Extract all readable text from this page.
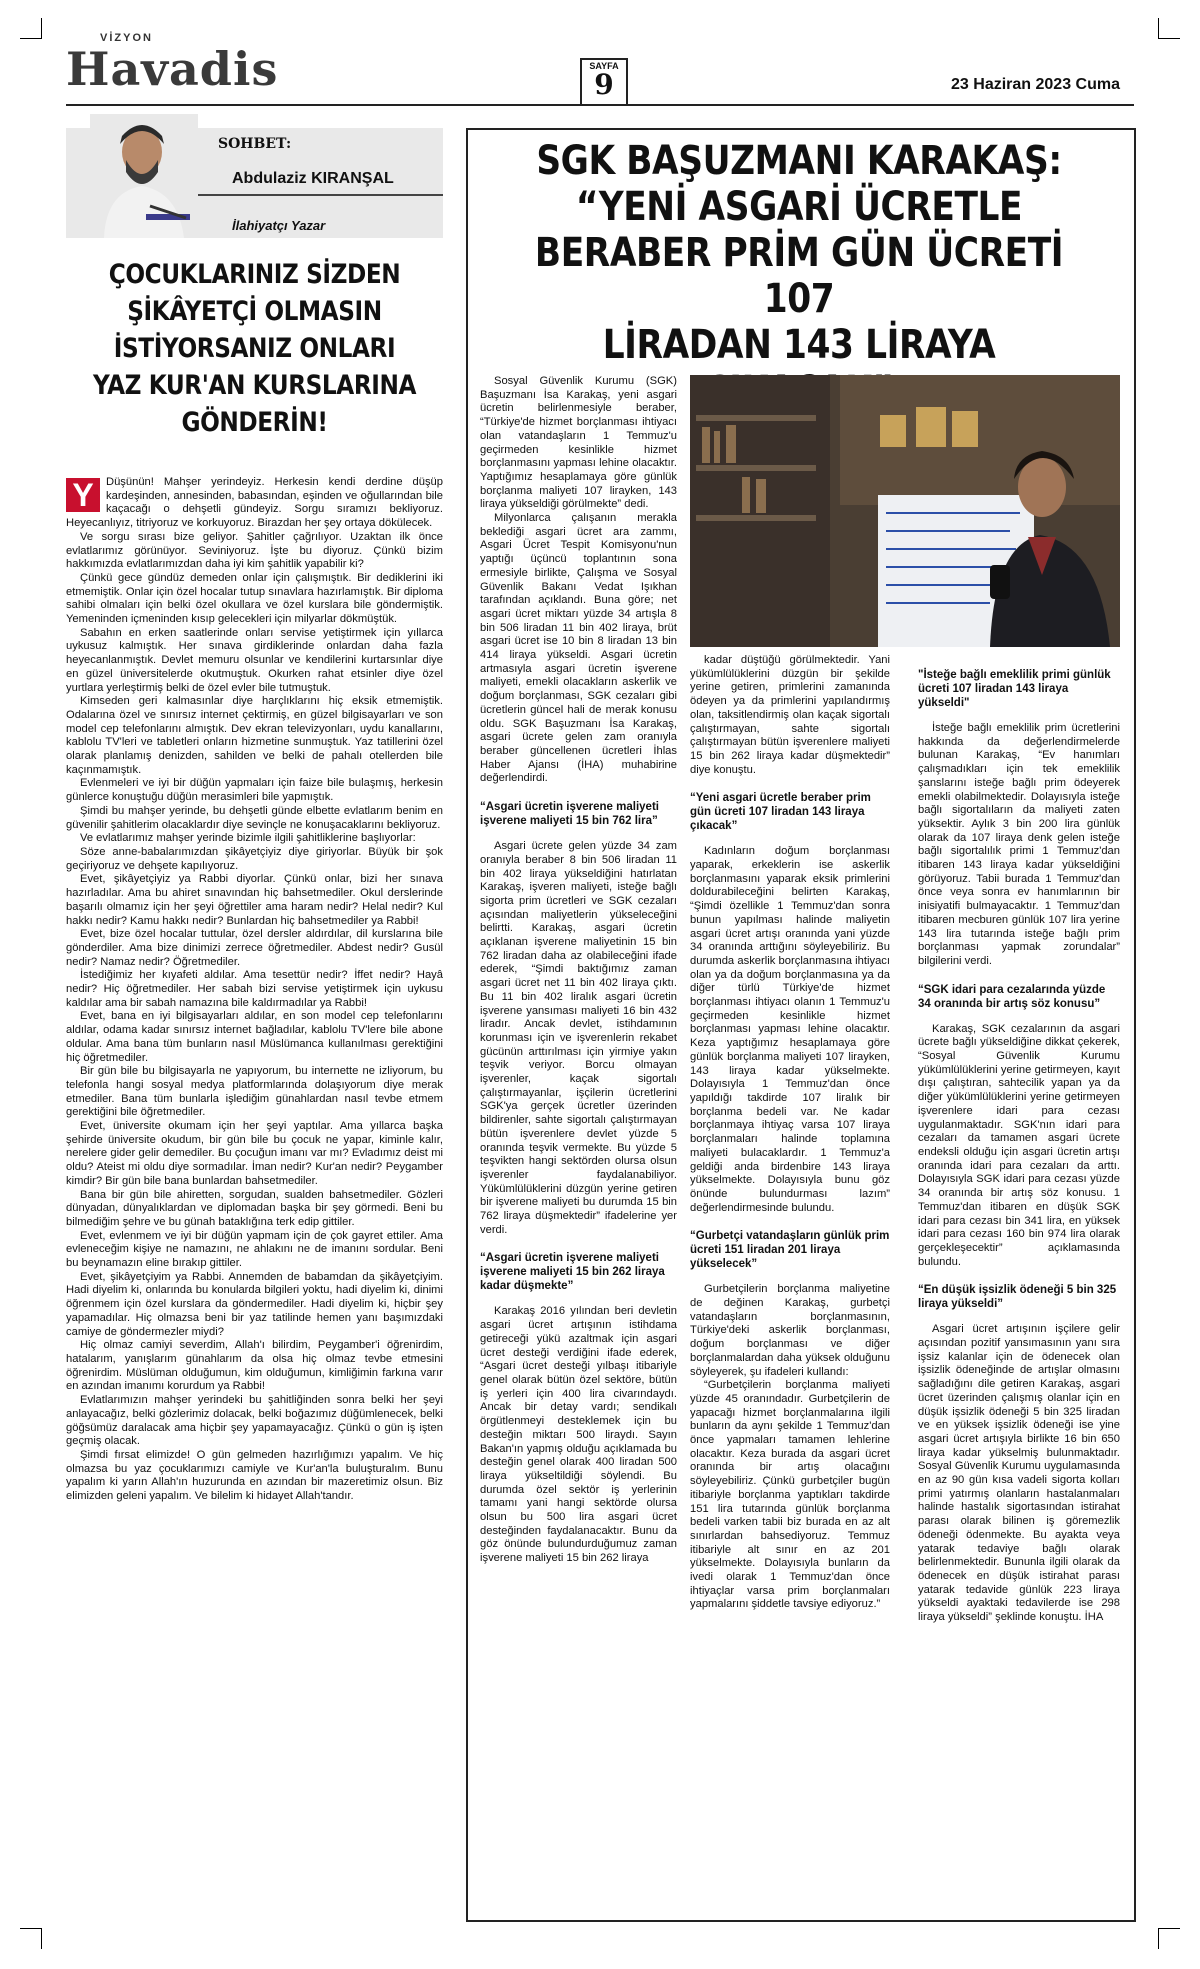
VİZYON
Havadis	SAYFA
9	23 Haziran 2023 Cuma
SOHBET:
Abdulaziz KIRANŞAL
İlahiyatçı Yazar
ÇOCUKLARINIZ SİZDEN ŞİKÂYETÇİ OLMASIN İSTİYORSANIZ ONLARI YAZ KUR'AN KURSLARINA GÖNDERİN!
Y	Düşünün! Mahşer yerindeyiz. Herkesin kendi derdine düşüp kardeşinden, annesinden, babasından, eşinden ve oğullarından bile kaçacağı o dehşetli gündeyiz. Sorgu sıramızı bekliyoruz. Heyecanlıyız, titriyoruz ve korkuyoruz. Birazdan her şey ortaya dökülecek.

Ve sorgu sırası bize geliyor. Şahitler çağrılıyor. Uzaktan ilk önce evlatlarımız görünüyor. Seviniyoruz. İşte bu diyoruz. Çünkü bizim hakkımızda evlatlarımızdan daha iyi kim şahitlik yapabilir ki?

Çünkü gece gündüz demeden onlar için çalışmıştık. Bir dediklerini iki etmemiştik. Onlar için özel hocalar tutup sınavlara hazırlamıştık. Bir diploma sahibi olmaları için belki özel okullara ve özel kurslara bile göndermiştik. Yemeninden içmeninden kısıp gelecekleri için milyarlar dökmüştük.

Sabahın en erken saatlerinde onları servise yetiştirmek için yıllarca uykusuz kalmıştık. Her sınava girdiklerinde onlardan daha fazla heyecanlanmıştık. Devlet memuru olsunlar ve kendilerini kurtarsınlar diye en güzel üniversitelerde okutmuştuk. Okurken rahat etsinler diye özel yurtlara yerleştirmiş belki de özel evler bile tutmuştuk.

Kimseden geri kalmasınlar diye harçlıklarını hiç eksik etmemiştik. Odalarına özel ve sınırsız internet çektirmiş, en güzel bilgisayarları ve son model cep telefonlarını almıştık. Dev ekran televizyonları, uydu kanallarını, kablolu TV'leri ve tabletleri onların hizmetine sunmuştuk. Yaz tatillerini özel olarak planlamış denizden, sahilden ve belki de pahalı otellerden bile kaçınmamıştık.

Evlenmeleri ve iyi bir düğün yapmaları için faize bile bulaşmış, herkesin günlerce konuştuğu düğün merasimleri bile yapmıştık.

Şimdi bu mahşer yerinde, bu dehşetli günde elbette evlatlarım benim en güvenilir şahitlerim olacaklardır diye sevinçle ne konuşacaklarını bekliyoruz.

Ve evlatlarımız mahşer yerinde bizimle ilgili şahitliklerine başlıyorlar:

Söze anne-babalarımızdan şikâyetçiyiz diye giriyorlar. Büyük bir şok geçiriyoruz ve dehşete kapılıyoruz.

Evet, şikâyetçiyiz ya Rabbi diyorlar. Çünkü onlar, bizi her sınava hazırladılar. Ama bu ahiret sınavından hiç bahsetmediler. Okul derslerinde başarılı olmamız için her şeyi öğrettiler ama haram nedir? Helal nedir? Kul hakkı nedir? Kamu hakkı nedir? Bunlardan hiç bahsetmediler ya Rabbi!

Evet, bize özel hocalar tuttular, özel dersler aldırdılar, dil kurslarına bile gönderdiler. Ama bize dinimizi zerrece öğretmediler. Abdest nedir? Gusül nedir? Namaz nedir? Öğretmediler.

İstediğimiz her kıyafeti aldılar. Ama tesettür nedir? İffet nedir? Hayâ nedir? Hiç öğretmediler. Her sabah bizi servise yetiştirmek için uykusu kaldılar ama bir sabah namazına bile kaldırmadılar ya Rabbi!

Evet, bana en iyi bilgisayarları aldılar, en son model cep telefonlarını aldılar, odama kadar sınırsız internet bağladılar, kablolu TV'lere bile abone oldular. Ama bana tüm bunların nasıl Müslümanca kullanılması gerektiğini hiç öğretmediler.

Bir gün bile bu bilgisayarla ne yapıyorum, bu internette ne izliyorum, bu telefonla hangi sosyal medya platformlarında dolaşıyorum diye merak etmediler. Bana tüm bunlarla işlediğim günahlardan nasıl tevbe etmem gerektiğini bile öğretmediler.

Evet, üniversite okumam için her şeyi yaptılar. Ama yıllarca başka şehirde üniversite okudum, bir gün bile bu çocuk ne yapar, kiminle kalır, nerelere gider gelir demediler. Bu çocuğun imanı var mı? Evladımız deist mi oldu? Ateist mi oldu diye sormadılar. İman nedir? Kur'an nedir? Peygamber kimdir? Bir gün bile bana bunlardan bahsetmediler.

Bana bir gün bile ahiretten, sorgudan, sualden bahsetmediler. Gözleri dünyadan, dünyalıklardan ve diplomadan başka bir şey görmedi. Beni bu bilmediğim şehre ve bu günah bataklığına terk edip gittiler.

Evet, evlenmem ve iyi bir düğün yapmam için de çok gayret ettiler. Ama evleneceğim kişiye ne namazını, ne ahlakını ne de imanını sordular. Beni bu beynamazın eline bırakıp gittiler.

Evet, şikâyetçiyim ya Rabbi. Annemden de babamdan da şikâyetçiyim. Hadi diyelim ki, onlarında bu konularda bilgileri yoktu, hadi diyelim ki, dinimi öğrenmem için özel kurslara da göndermediler. Hadi diyelim ki, hiçbir şey yapamadılar. Hiç olmazsa beni bir yaz tatilinde hemen yanı başımızdaki camiye de göndermezler miydi?

Hiç olmaz camiyi severdim, Allah'ı bilirdim, Peygamber'i öğrenirdim, hatalarım, yanışlarım günahlarım da olsa hiç olmaz tevbe etmesini öğrenirdim. Müslüman olduğumun, kim olduğumun, kimliğimin farkına varır en azından imanımı korurdum ya Rabbi!

Evlatlarımızın mahşer yerindeki bu şahitliğinden sonra belki her şeyi anlayacağız, belki gözlerimiz dolacak, belki boğazımız düğümlenecek, belki göğsümüz daralacak ama hiçbir şey yapamayacağız. Çünkü o gün iş işten geçmiş olacak.

Şimdi fırsat elimizde! O gün gelmeden hazırlığımızı yapalım. Ve hiç olmazsa bu yaz çocuklarımızı camiyle ve Kur'an'la buluşturalım. Bunu yapalım ki yarın Allah'ın huzurunda en azından bir mazeretimiz olsun. Biz elimizden geleni yapalım. Ve bilelim ki hidayet Allah'tandır.

SGK BAŞUZMANI KARAKAŞ:
“YENİ ASGARİ ÜCRETLE
BERABER PRİM GÜN ÜCRETİ 107
LİRADAN 143 LİRAYA

Sosyal Güvenlik Kurumu (SGK) Başuzmanı İsa Karakaş, yeni asgari ücretin belirlenmesiyle beraber, “Türkiye'de hizmet borçlanması ihtiyacı olan vatandaşların 1 Temmuz'u geçirmeden kesinlikle hizmet borçlanmasını yapması lehine olacaktır. Yaptığımız hesaplamaya göre günlük borçlanma maliyeti 107 lirayken, 143 liraya yükseldiği görülmekte” dedi.

Milyonlarca çalışanın merakla beklediği asgari ücret ara zammı, Asgari Ücret Tespit Komisyonu'nun yaptığı üçüncü toplantının sona ermesiyle birlikte, Çalışma ve Sosyal Güvenlik Bakanı Vedat Işıkhan tarafından açıklandı. Buna göre; net asgari ücret miktarı yüzde 34 artışla 8 bin 506 liradan 11 bin 402 liraya, brüt asgari ücret ise 10 bin 8 liradan 13 bin 414 liraya yükseldi. Asgari ücretin artmasıyla asgari ücretin işverene maliyeti, emekli olacakların askerlik ve doğum borçlanması, SGK cezaları gibi ücretlerin güncel hali de merak konusu oldu. SGK Başuzmanı İsa Karakaş, asgari ücrete gelen zam oranıyla beraber güncellenen ücretleri İhlas Haber Ajansı (İHA) muhabirine değerlendirdi.

“Asgari ücretin işverene maliyeti işverene maliyeti 15 bin 762 lira”

Asgari ücrete gelen yüzde 34 zam oranıyla beraber 8 bin 506 liradan 11 bin 402 liraya yükseldiğini hatırlatan Karakaş, işveren maliyeti, isteğe bağlı sigorta prim ücretleri ve SGK cezaları açısından maliyetlerin yükseleceğini belirtti. Karakaş, asgari ücretin açıklanan işverene maliyetinin 15 bin 762 liradan daha az olabileceğini ifade ederek, “Şimdi baktığımız zaman asgari ücret net 11 bin 402 liraya çıktı. Bu 11 bin 402 liralık asgari ücretin işverene yansıması maliyeti 16 bin 432 liradır. Ancak devlet, istihdamının korunması için ve işverenlerin rekabet gücünün arttırılması için yirmiye yakın teşvik veriyor. Borcu olmayan işverenler, kaçak sigortalı çalıştırmayanlar, işçilerin ücretlerini SGK'ya gerçek ücretler üzerinden bildirenler, sahte sigortalı çalıştırmayan bütün işverenlere devlet yüzde 5 oranında teşvik vermekte. Bu yüzde 5 teşvikten hangi sektörden olursa olsun işverenler faydalanabiliyor. Yükümlülüklerini düzgün yerine getiren bir işverene maliyeti bu durumda 15 bin 762 liraya düşmektedir” ifadelerine yer verdi.

“Asgari ücretin işverene maliyeti işverene maliyeti 15 bin 262 liraya kadar düşmekte”

Karakaş 2016 yılından beri devletin asgari ücret artışının istihdama getireceği yükü azaltmak için asgari ücret desteği verdiğini ifade ederek, “Asgari ücret desteği yılbaşı itibariyle genel olarak bütün özel sektöre, bütün iş yerleri için 400 lira civarındaydı. Ancak bir detay vardı; sendikalı örgütlenmeyi desteklemek için bu desteğin miktarı 500 liraydı. Sayın Bakan'ın yapmış olduğu açıklamada bu desteğin genel olarak 400 liradan 500 liraya yükseltildiği söylendi. Bu durumda özel sektör iş yerlerinin tamamı yani hangi sektörde olursa olsun bu 500 lira asgari ücret desteğinden faydalanacaktır. Bunu da göz önünde bulundurduğumuz zaman işverene maliyeti 15 bin 262 liraya

kadar düştüğü görülmektedir. Yani yükümlülüklerini düzgün bir şekilde yerine getiren, primlerini zamanında ödeyen ya da primlerini yapılandırmış olan, taksitlendirmiş olan kaçak sigortalı çalıştırmayan, sahte sigortalı çalıştırmayan bütün işverenlere maliyeti 15 bin 262 liraya kadar düşmektedir” diye konuştu.

“Yeni asgari ücretle beraber prim gün ücreti 107 liradan 143 liraya çıkacak”

Kadınların doğum borçlanması yaparak, erkeklerin ise askerlik borçlanmasını yaparak eksik primlerini doldurabileceğini belirten Karakaş, “Şimdi özellikle 1 Temmuz'dan sonra bunun yapılması halinde maliyetin asgari ücret artışı oranında yani yüzde 34 oranında arttığını söyleyebiliriz. Bu durumda askerlik borçlanmasına ihtiyacı olan ya da doğum borçlanmasına ya da diğer türlü Türkiye'de hizmet borçlanması ihtiyacı olanın 1 Temmuz'u geçirmeden kesinlikle hizmet borçlanması yapması lehine olacaktır. Keza yaptığımız hesaplamaya göre günlük borçlanma maliyeti 107 lirayken, 143 liraya kadar yükselmekte. Dolayısıyla 1 Temmuz'dan önce yapıldığı takdirde 107 liralık bir borçlanma bedeli var. Ne kadar borçlanmaya ihtiyaç varsa 107 liraya borçlanmaları halinde toplamına maliyeti bulacaklardır. 1 Temmuz'a geldiği anda birdenbire 143 liraya yükselmekte. Dolayısıyla bunu göz önünde bulundurması lazım” değerlendirmesinde bulundu.

“Gurbetçi vatandaşların günlük prim ücreti 151 liradan 201 liraya yükselecek”

Gurbetçilerin borçlanma maliyetine de değinen Karakaş, gurbetçi vatandaşların borçlanmasının, Türkiye'deki askerlik borçlanması, doğum borçlanması ve diğer borçlanmalardan daha yüksek olduğunu söyleyerek, şu ifadeleri kullandı:

“Gurbetçilerin borçlanma maliyeti yüzde 45 oranındadır. Gurbetçilerin de yapacağı hizmet borçlanmalarına ilgili bunların da aynı şekilde 1 Temmuz'dan önce yapmaları tamamen lehlerine olacaktır. Keza burada da asgari ücret oranında bir artış olacağını söyleyebiliriz. Çünkü gurbetçiler bugün itibariyle borçlanma yaptıkları takdirde 151 lira tutarında günlük borçlanma bedeli varken tabii biz burada en az alt sınırlardan bahsediyoruz. Temmuz itibariyle alt sınır en az 201 yükselmekte. Dolayısıyla bunların da ivedi olarak 1 Temmuz'dan önce ihtiyaçlar varsa prim borçlanmaları yapmalarını şiddetle tavsiye ediyoruz.”

"İsteğe bağlı emeklilik primi günlük ücreti 107 liradan 143 liraya yükseldi"

İsteğe bağlı emeklilik prim ücretlerini hakkında da değerlendirmelerde bulunan Karakaş, “Ev hanımları çalışmadıkları için tek emeklilik şanslarını isteğe bağlı prim ödeyerek emekli olabilmektedir. Dolayısıyla isteğe bağlı sigortalıların da maliyeti zaten yüksektir. Aylık 3 bin 200 lira günlük olarak da 107 liraya denk gelen isteğe bağlı sigortalılık primi 1 Temmuz'dan itibaren 143 liraya kadar yükseldiğini görüyoruz. Tabii burada 1 Temmuz'dan önce veya sonra ev hanımlarının bir inisiyatifi bulmayacaktır. 1 Temmuz'dan itibaren mecburen günlük 107 lira yerine 143 lira tutarında isteğe bağlı prim borçlanması yapmak zorundalar” bilgilerini verdi.

“SGK idari para cezalarında yüzde 34 oranında bir artış söz konusu”

Karakaş, SGK cezalarının da asgari ücrete bağlı yükseldiğine dikkat çekerek, “Sosyal Güvenlik Kurumu yükümlülüklerini yerine getirmeyen, kayıt dışı çalıştıran, sahtecilik yapan ya da diğer yükümlülüklerini yerine getirmeyen işverenlere idari para cezası uygulanmaktadır. SGK'nın idari para cezaları da tamamen asgari ücrete endeksli olduğu için asgari ücretin artışı oranında idari para cezaları da arttı. Dolayısıyla SGK idari para cezası yüzde 34 oranında bir artış söz konusu. 1 Temmuz'dan itibaren en düşük SGK idari para cezası bin 341 lira, en yüksek idari para cezası 160 bin 974 lira olarak gerçekleşecektir” açıklamasında bulundu.

“En düşük işsizlik ödeneği 5 bin 325 liraya yükseldi”

Asgari ücret artışının işçilere gelir açısından pozitif yansımasının yanı sıra işsiz kalanlar için de ödenecek olan işsizlik ödeneğinde de artışlar olmasını sağladığını dile getiren Karakaş, asgari ücret üzerinden çalışmış olanlar için en düşük işsizlik ödeneği 5 bin 325 liradan ve en yüksek işsizlik ödeneği ise yine asgari ücret artışıyla birlikte 16 bin 650 liraya kadar yükselmiş bulunmaktadır. Sosyal Güvenlik Kurumu uygulamasında en az 90 gün kısa vadeli sigorta kolları primi yatırmış olanların hastalanmaları halinde hastalık sigortasından istirahat parası olarak bilinen iş göremezlik ödeneği ödenmekte. Bu ayakta veya yatarak tedaviye bağlı olarak belirlenmektedir. Bununla ilgili olarak da ödenecek en düşük istirahat parası yatarak tedavide günlük 223 liraya yükseldi ayaktaki tedavilerde ise 298 liraya yükseldi” şeklinde konuştu. İHA
